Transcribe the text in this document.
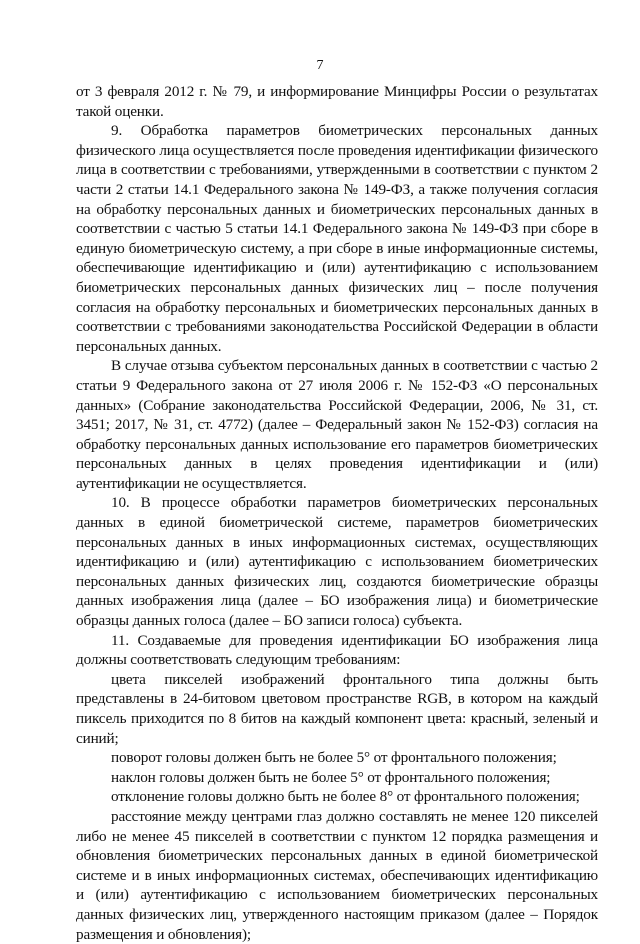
7

от 3 февраля 2012 г. № 79, и информирование Минцифры России о результатах такой оценки.

9. Обработка параметров биометрических персональных данных физического лица осуществляется после проведения идентификации физического лица в соответствии с требованиями, утвержденными в соответствии с пунктом 2 части 2 статьи 14.1 Федерального закона № 149-ФЗ, а также получения согласия на обработку персональных данных и биометрических персональных данных в соответствии с частью 5 статьи 14.1 Федерального закона № 149-ФЗ при сборе в единую биометрическую систему, а при сборе в иные информационные системы, обеспечивающие идентификацию и (или) аутентификацию с использованием биометрических персональных данных физических лиц – после получения согласия на обработку персональных и биометрических персональных данных в соответствии с требованиями законодательства Российской Федерации в области персональных данных.

В случае отзыва субъектом персональных данных в соответствии с частью 2 статьи 9 Федерального закона от 27 июля 2006 г. № 152-ФЗ «О персональных данных» (Собрание законодательства Российской Федерации, 2006, № 31, ст. 3451; 2017, № 31, ст. 4772) (далее – Федеральный закон № 152-ФЗ) согласия на обработку персональных данных использование его параметров биометрических персональных данных в целях проведения идентификации и (или) аутентификации не осуществляется.

10. В процессе обработки параметров биометрических персональных данных в единой биометрической системе, параметров биометрических персональных данных в иных информационных системах, осуществляющих идентификацию и (или) аутентификацию с использованием биометрических персональных данных физических лиц, создаются биометрические образцы данных изображения лица (далее – БО изображения лица) и биометрические образцы данных голоса (далее – БО записи голоса) субъекта.

11. Создаваемые для проведения идентификации БО изображения лица должны соответствовать следующим требованиям:

цвета пикселей изображений фронтального типа должны быть представлены в 24-битовом цветовом пространстве RGB, в котором на каждый пиксель приходится по 8 битов на каждый компонент цвета: красный, зеленый и синий;

поворот головы должен быть не более 5° от фронтального положения;

наклон головы должен быть не более 5° от фронтального положения;

отклонение головы должно быть не более 8° от фронтального положения;

расстояние между центрами глаз должно составлять не менее 120 пикселей либо не менее 45 пикселей в соответствии с пунктом 12 порядка размещения и обновления биометрических персональных данных в единой биометрической системе и в иных информационных системах, обеспечивающих идентификацию и (или) аутентификацию с использованием биометрических персональных данных физических лиц, утвержденного настоящим приказом (далее – Порядок размещения и обновления);
